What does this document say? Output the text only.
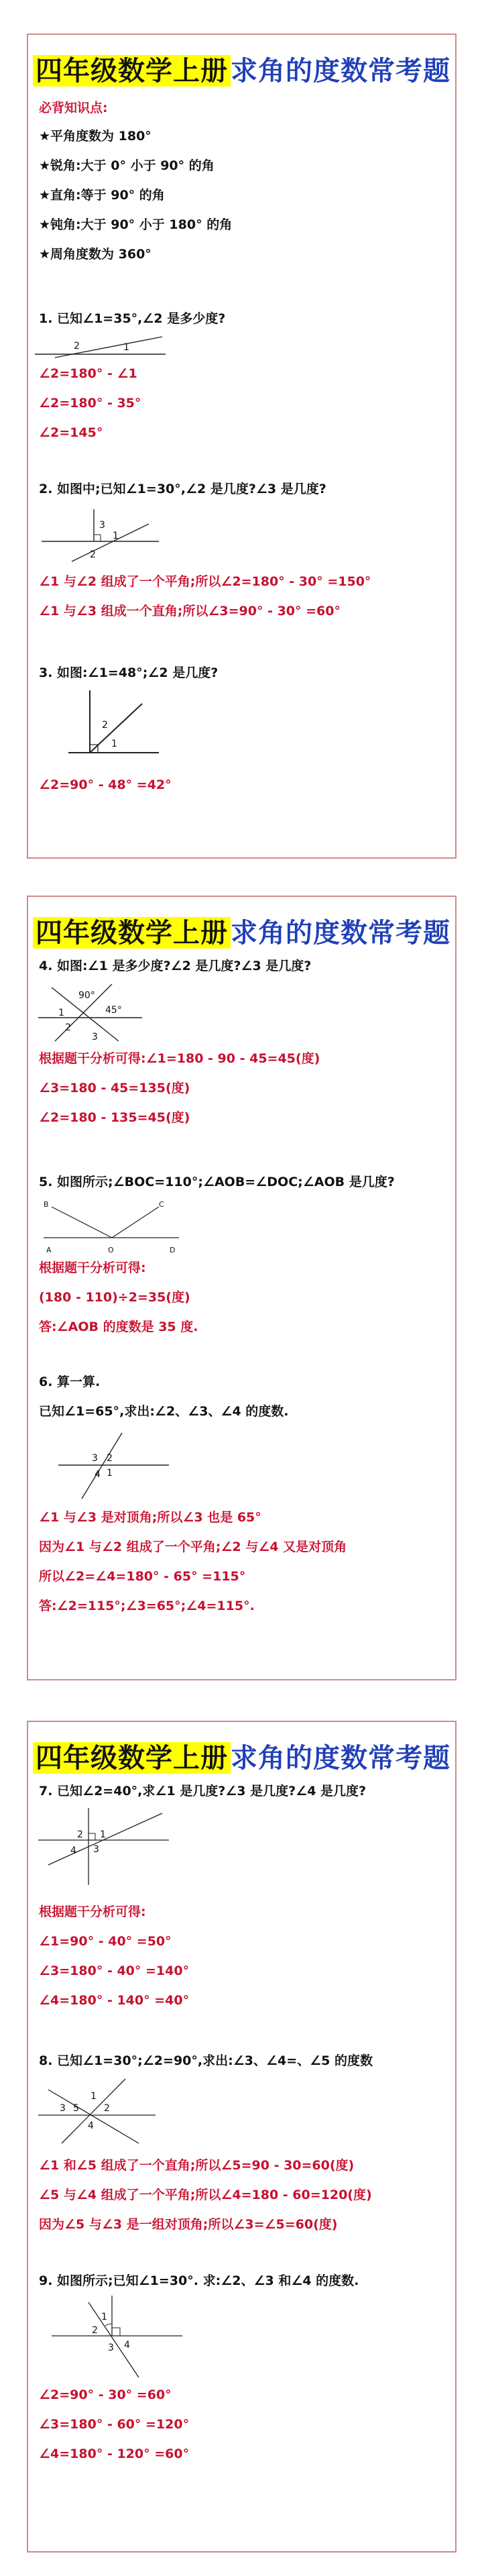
四年级数学上册 求角的度数常考题
必背知识点:
★平角度数为 180°
★锐角:大于 0° 小于 90° 的角
★直角:等于 90° 的角
★钝角:大于 90° 小于 180° 的角
★周角度数为 360°
1. 已知∠1=35°,∠2 是多少度?
2	1
∠2=180° - ∠1
∠2=180° - 35°
∠2=145°
2. 如图中;已知∠1=30°,∠2 是几度?∠3 是几度?
3
1
2
∠1 与∠2 组成了一个平角;所以∠2=180° - 30° =150°
∠1 与∠3 组成一个直角;所以∠3=90° - 30° =60°
3. 如图:∠1=48°;∠2 是几度?
2
1
∠2=90° - 48° =42°
四年级数学上册 求角的度数常考题
4. 如图:∠1 是多少度?∠2 是几度?∠3 是几度?
90°
45°
1
2
3
根据题干分析可得:∠1=180 - 90 - 45=45(度)
∠3=180 - 45=135(度)
∠2=180 - 135=45(度)
5. 如图所示;∠BOC=110°;∠AOB=∠DOC;∠AOB 是几度?
B	C
A	O	D
根据题干分析可得:
(180 - 110)÷2=35(度)
答:∠AOB 的度数是 35 度.
6. 算一算.
已知∠1=65°,求出:∠2、∠3、∠4 的度数.
3 2
1
4
∠1 与∠3 是对顶角;所以∠3 也是 65°
因为∠1 与∠2 组成了一个平角;∠2 与∠4 又是对顶角
所以∠2=∠4=180° - 65° =115°
答:∠2=115°;∠3=65°;∠4=115°.
四年级数学上册 求角的度数常考题
7. 已知∠2=40°,求∠1 是几度?∠3 是几度?∠4 是几度?
1
2
3
4
根据题干分析可得:
∠1=90° - 40° =50°
∠3=180° - 40° =140°
∠4=180° - 140° =40°
8. 已知∠1=30°;∠2=90°,求出:∠3、∠4=、∠5 的度数
1
2
3 5
4
∠1 和∠5 组成了一个直角;所以∠5=90 - 30=60(度)
∠5 与∠4 组成了一个平角;所以∠4=180 - 60=120(度)
因为∠5 与∠3 是一组对顶角;所以∠3=∠5=60(度)
9. 如图所示;已知∠1=30°. 求:∠2、∠3 和∠4 的度数.
1
2
3 4
∠2=90° - 30° =60°
∠3=180° - 60° =120°
∠4=180° - 120° =60°
